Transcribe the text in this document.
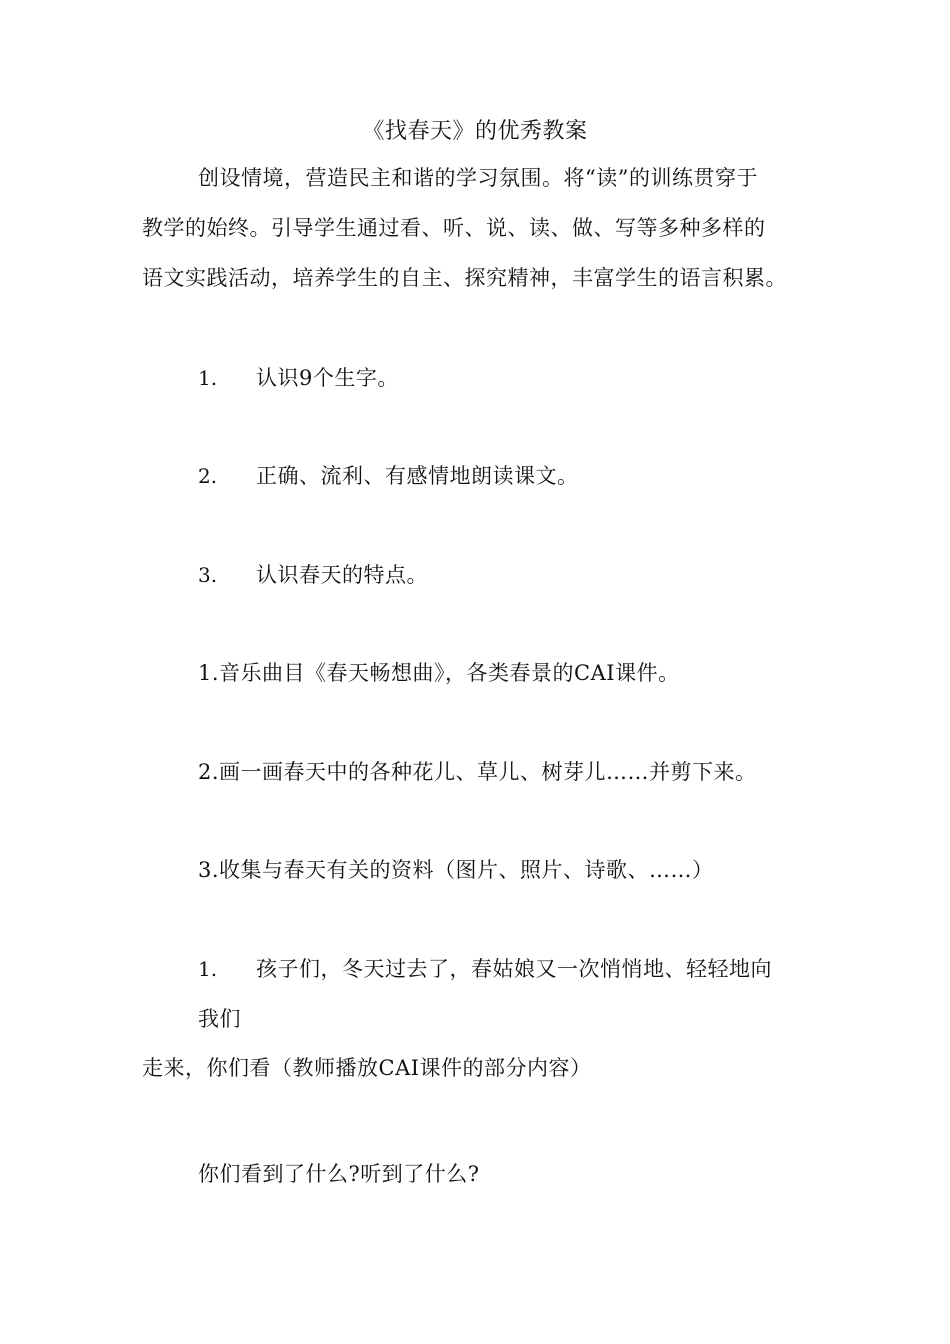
《找春天》的优秀教案
创设情境，营造民主和谐的学习氛围。将“读”的训练贯穿于
教学的始终。引导学生通过看、听、说、读、做、写等多种多样的
语文实践活动，培养学生的自主、探究精神，丰富学生的语言积累。
1. 认识9个生字。
2. 正确、流利、有感情地朗读课文。
3. 认识春天的特点。
1.音乐曲目《春天畅想曲》，各类春景的CAI课件。
2.画一画春天中的各种花儿、草儿、树芽儿……并剪下来。
3.收集与春天有关的资料（图片、照片、诗歌、……）
1. 孩子们，冬天过去了，春姑娘又一次悄悄地、轻轻地向
我们
走来，你们看（教师播放CAI课件的部分内容）
你们看到了什么?听到了什么?
